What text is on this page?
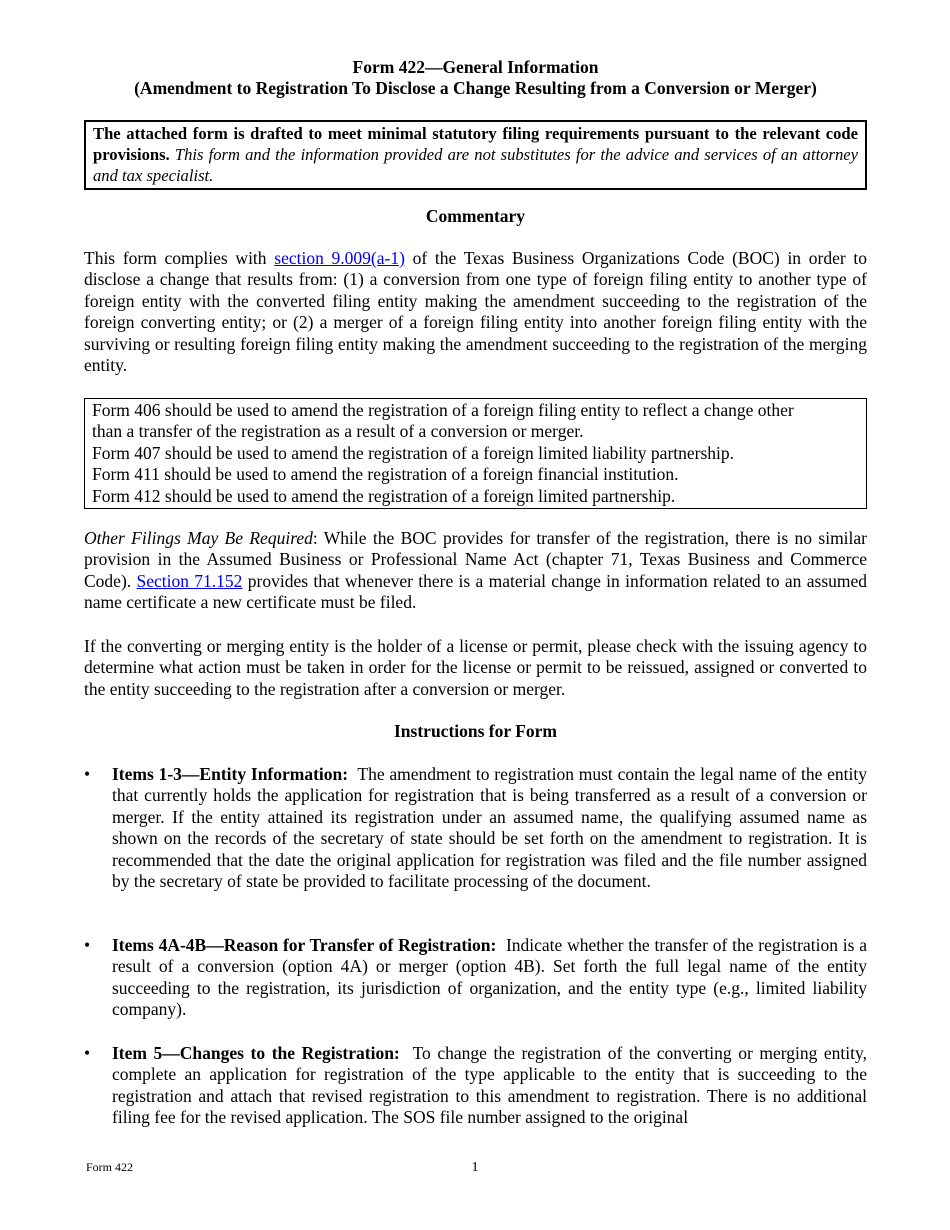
Form 422—General Information
(Amendment to Registration To Disclose a Change Resulting from a Conversion or Merger)
The attached form is drafted to meet minimal statutory filing requirements pursuant to the relevant code provisions. This form and the information provided are not substitutes for the advice and services of an attorney and tax specialist.
Commentary
This form complies with section 9.009(a-1) of the Texas Business Organizations Code (BOC) in order to disclose a change that results from: (1) a conversion from one type of foreign filing entity to another type of foreign entity with the converted filing entity making the amendment succeeding to the registration of the foreign converting entity; or (2) a merger of a foreign filing entity into another foreign filing entity with the surviving or resulting foreign filing entity making the amendment succeeding to the registration of the merging entity.
Form 406 should be used to amend the registration of a foreign filing entity to reflect a change other
than a transfer of the registration as a result of a conversion or merger.
Form 407 should be used to amend the registration of a foreign limited liability partnership.
Form 411 should be used to amend the registration of a foreign financial institution.
Form 412 should be used to amend the registration of a foreign limited partnership.
Other Filings May Be Required: While the BOC provides for transfer of the registration, there is no similar provision in the Assumed Business or Professional Name Act (chapter 71, Texas Business and Commerce Code). Section 71.152 provides that whenever there is a material change in information related to an assumed name certificate a new certificate must be filed.
If the converting or merging entity is the holder of a license or permit, please check with the issuing agency to determine what action must be taken in order for the license or permit to be reissued, assigned or converted to the entity succeeding to the registration after a conversion or merger.
Instructions for Form
•	Items 1-3—Entity Information: The amendment to registration must contain the legal name of the entity that currently holds the application for registration that is being transferred as a result of a conversion or merger. If the entity attained its registration under an assumed name, the qualifying assumed name as shown on the records of the secretary of state should be set forth on the amendment to registration. It is recommended that the date the original application for registration was filed and the file number assigned by the secretary of state be provided to facilitate processing of the document.
•	Items 4A-4B—Reason for Transfer of Registration: Indicate whether the transfer of the registration is a result of a conversion (option 4A) or merger (option 4B). Set forth the full legal name of the entity succeeding to the registration, its jurisdiction of organization, and the entity type (e.g., limited liability company).
•	Item 5—Changes to the Registration: To change the registration of the converting or merging entity, complete an application for registration of the type applicable to the entity that is succeeding to the registration and attach that revised registration to this amendment to registration. There is no additional filing fee for the revised application. The SOS file number assigned to the original
Form 422	1
